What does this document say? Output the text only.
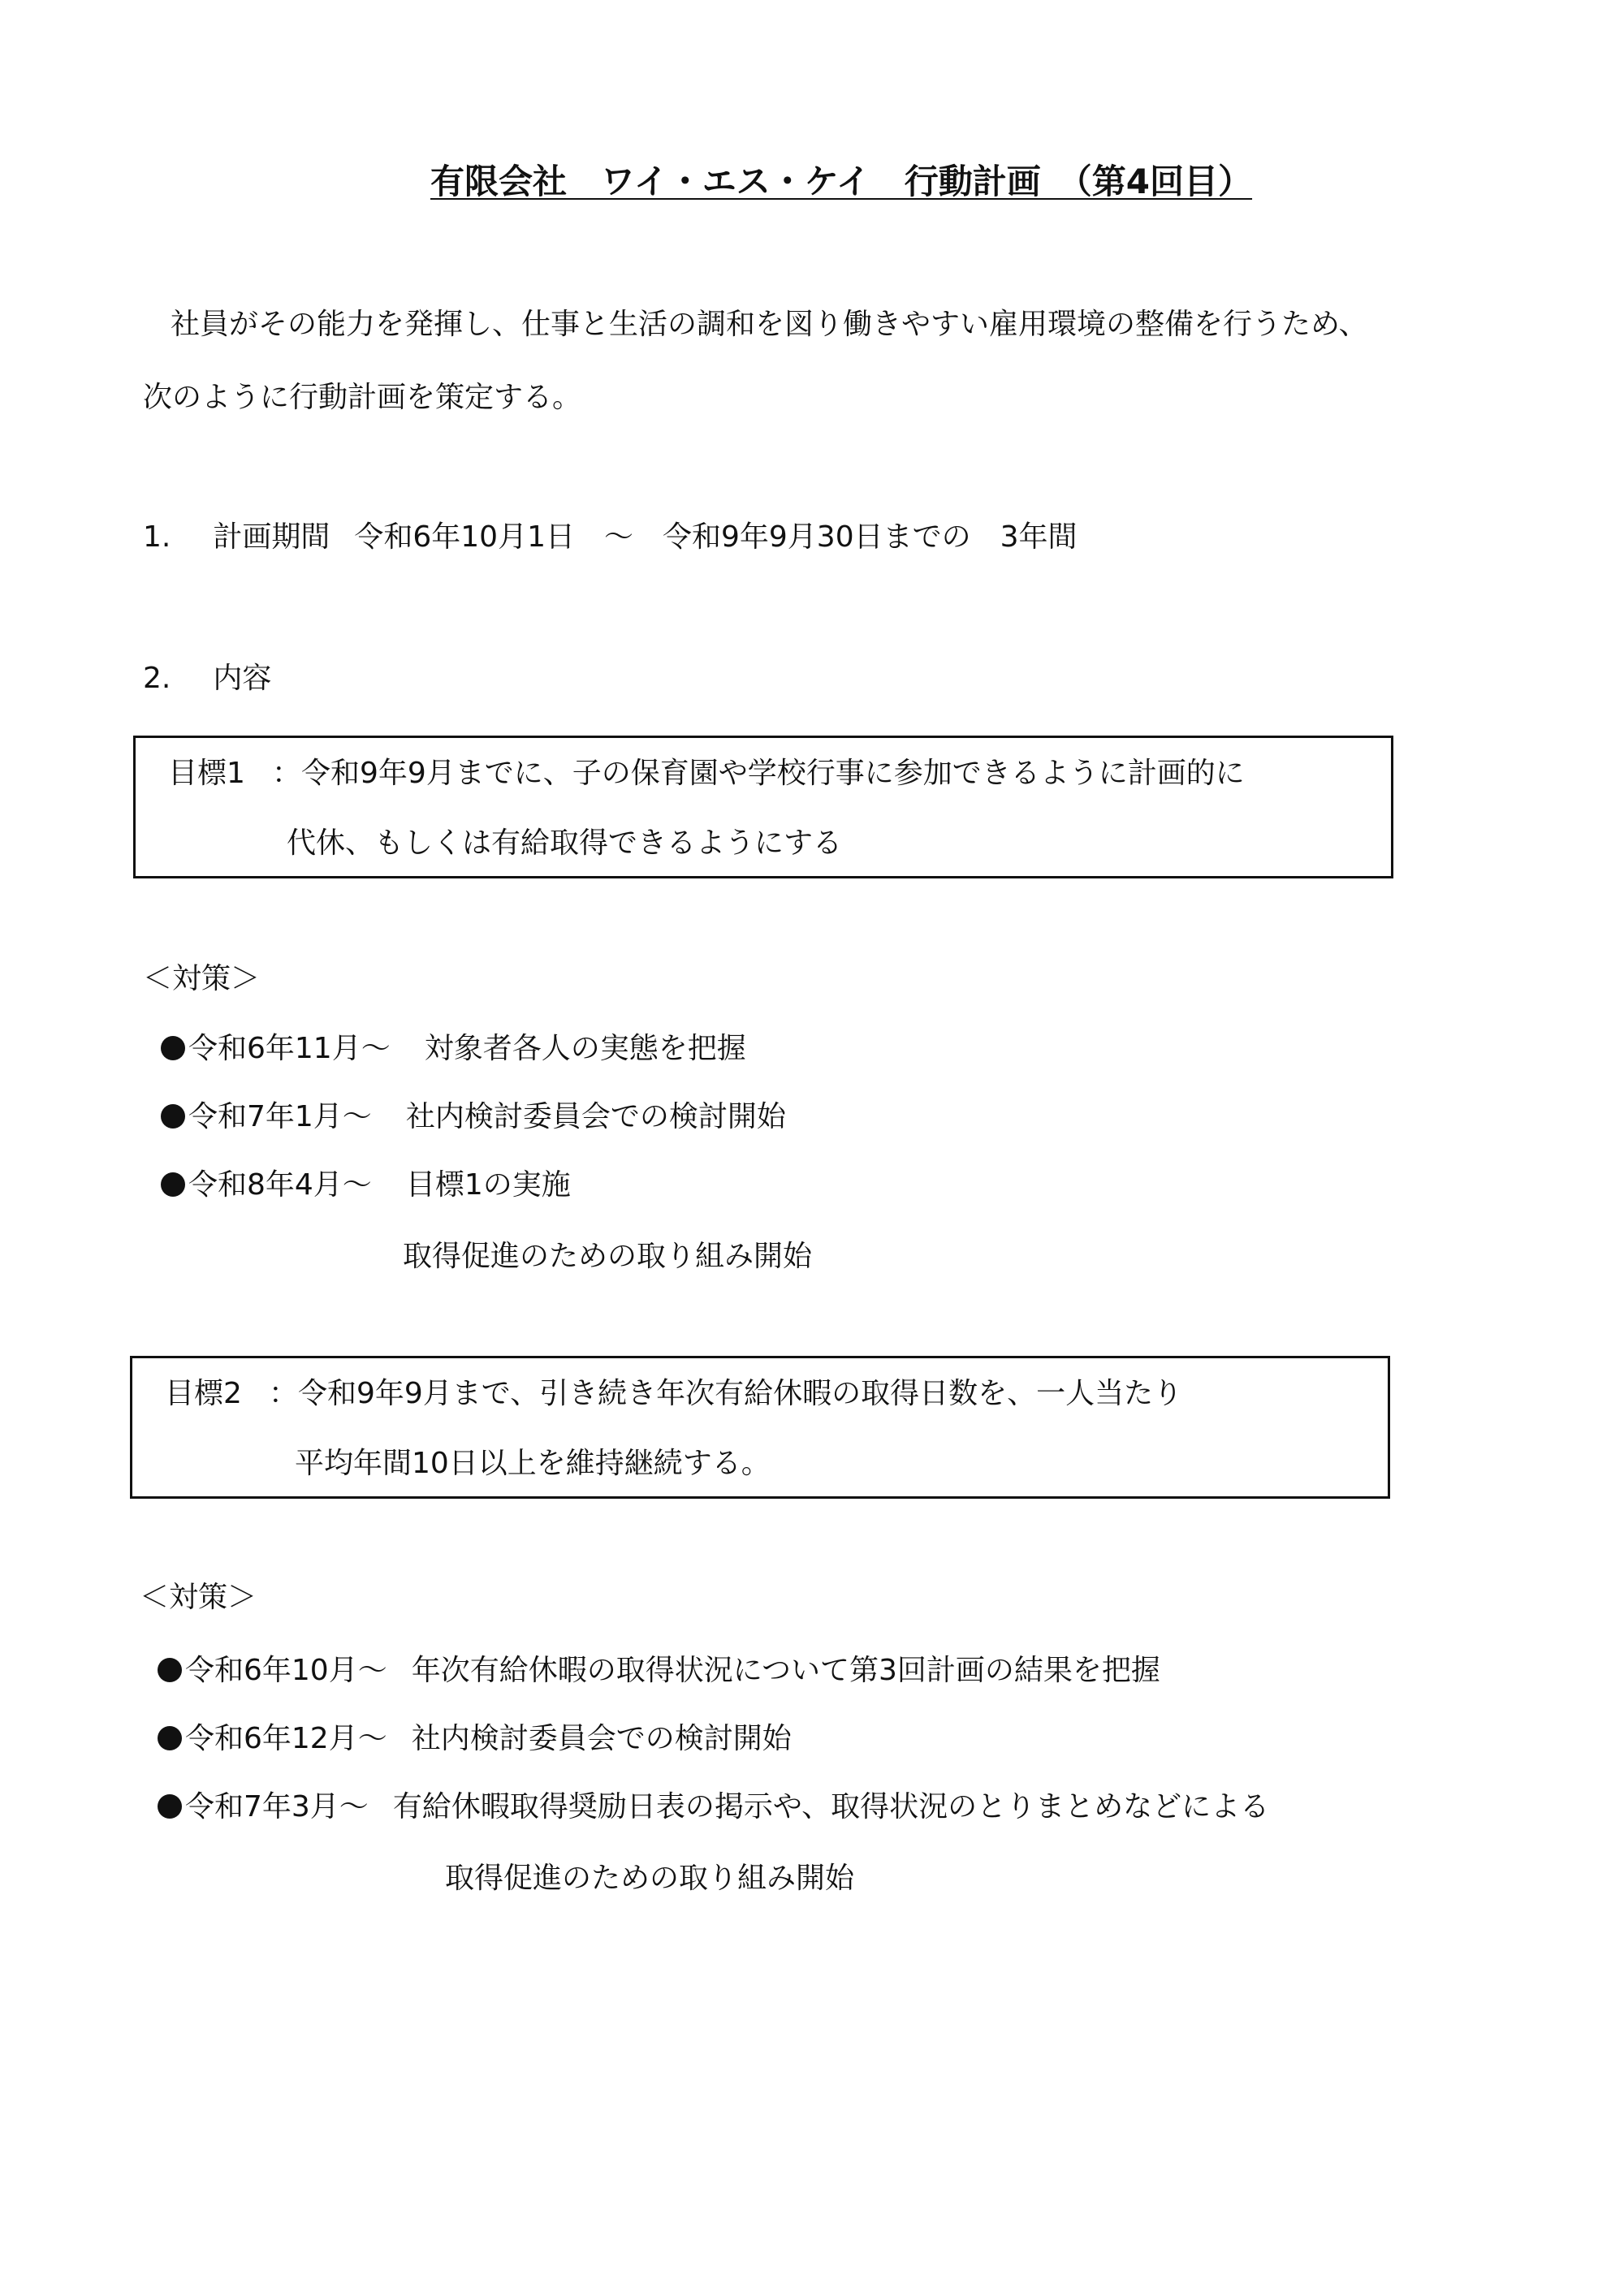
有限会社　ワイ・エス・ケイ　行動計画　（第4回目）
社員がその能力を発揮し、仕事と生活の調和を図り働きやすい雇用環境の整備を行うため、
次のように行動計画を策定する。
1. 計画期間 令和6年10月1日　～　令和9年9月30日までの　3年間
2. 内容
目標1 ：令和9年9月までに、子の保育園や学校行事に参加できるように計画的に
代休、もしくは有給取得できるようにする
＜対策＞
令和6年11月～ 対象者各人の実態を把握
令和7年1月～ 社内検討委員会での検討開始
令和8年4月～ 目標1の実施
取得促進のための取り組み開始
目標2 ：令和9年9月まで、引き続き年次有給休暇の取得日数を、一人当たり
平均年間10日以上を維持継続する。
＜対策＞
令和6年10月～ 年次有給休暇の取得状況について第3回計画の結果を把握
令和6年12月～ 社内検討委員会での検討開始
令和7年3月～ 有給休暇取得奨励日表の掲示や、取得状況のとりまとめなどによる
取得促進のための取り組み開始
